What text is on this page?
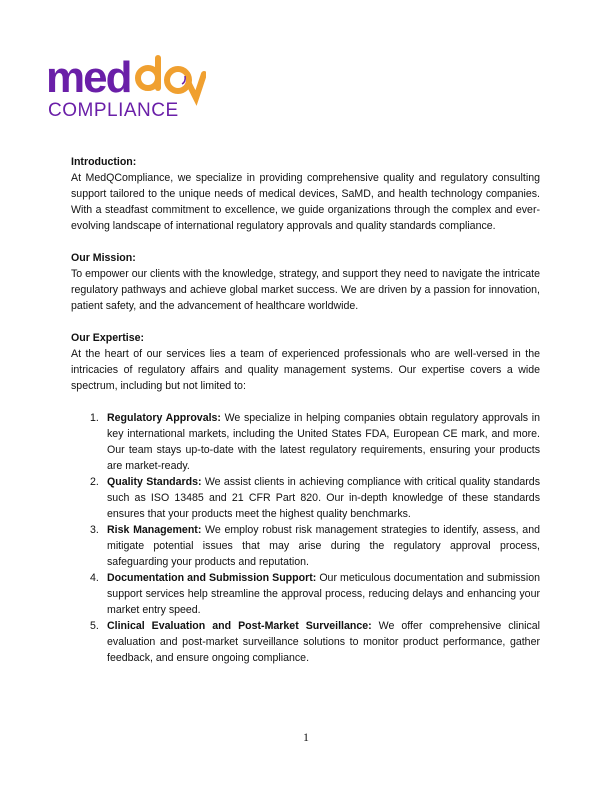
med
COMPLIANCE

Introduction:

At MedQCompliance, we specialize in providing comprehensive quality and regulatory consulting support tailored to the unique needs of medical devices, SaMD, and health technology companies. With a steadfast commitment to excellence, we guide organizations through the complex and ever-evolving landscape of international regulatory approvals and quality standards compliance.

Our Mission:

To empower our clients with the knowledge, strategy, and support they need to navigate the intricate regulatory pathways and achieve global market success. We are driven by a passion for innovation, patient safety, and the advancement of healthcare worldwide.

Our Expertise:

At the heart of our services lies a team of experienced professionals who are well-versed in the intricacies of regulatory affairs and quality management systems. Our expertise covers a wide spectrum, including but not limited to:

1. Regulatory Approvals: We specialize in helping companies obtain regulatory approvals in key international markets, including the United States FDA, European CE mark, and more. Our team stays up-to-date with the latest regulatory requirements, ensuring your products are market-ready.
2. Quality Standards: We assist clients in achieving compliance with critical quality standards such as ISO 13485 and 21 CFR Part 820. Our in-depth knowledge of these standards ensures that your products meet the highest quality benchmarks.
3. Risk Management: We employ robust risk management strategies to identify, assess, and mitigate potential issues that may arise during the regulatory approval process, safeguarding your products and reputation.
4. Documentation and Submission Support: Our meticulous documentation and submission support services help streamline the approval process, reducing delays and enhancing your market entry speed.
5. Clinical Evaluation and Post-Market Surveillance: We offer comprehensive clinical evaluation and post-market surveillance solutions to monitor product performance, gather feedback, and ensure ongoing compliance.
1
